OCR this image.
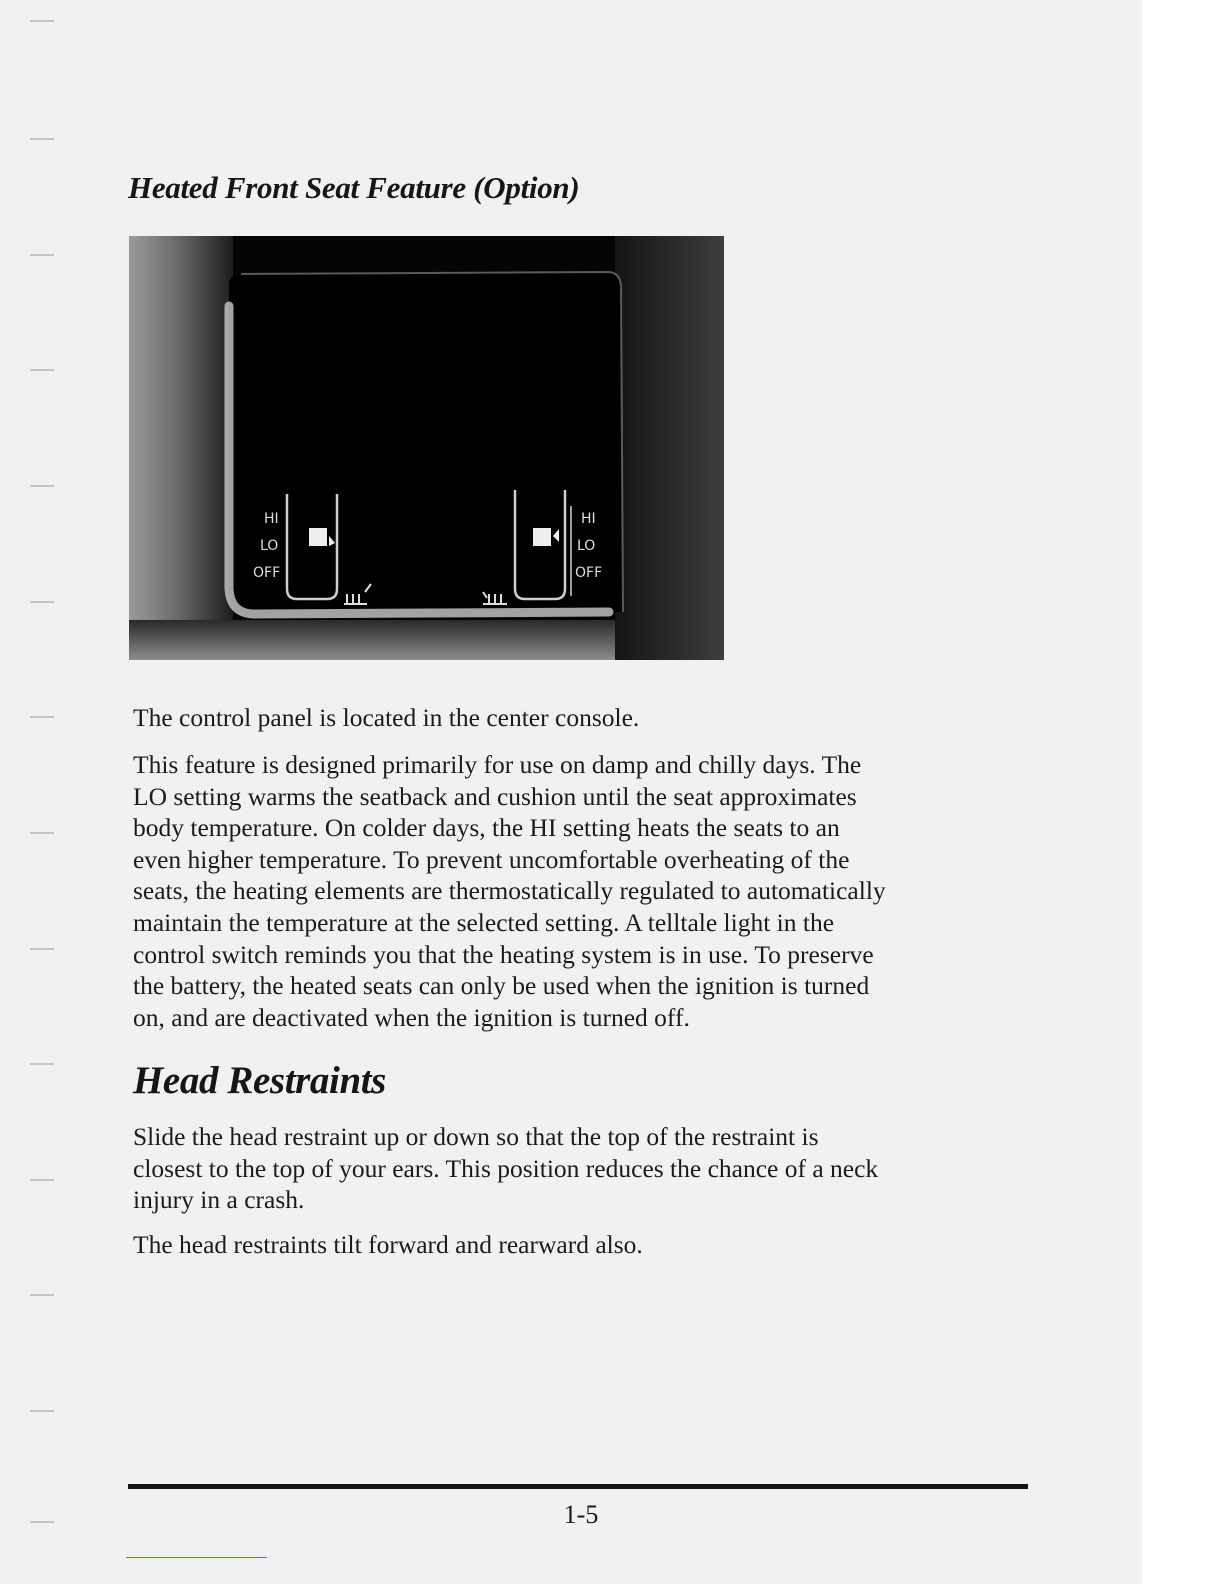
Heated Front Seat Feature (Option)
HI
LO
OFF
HI
LO
OFF

The control panel is located in the center console.

This feature is designed primarily for use on damp and chilly days. The
LO setting warms the seatback and cushion until the seat approximates
body temperature. On colder days, the HI setting heats the seats to an
even higher temperature. To prevent uncomfortable overheating of the
seats, the heating elements are thermostatically regulated to automatically
maintain the temperature at the selected setting. A telltale light in the
control switch reminds you that the heating system is in use. To preserve
the battery, the heated seats can only be used when the ignition is turned
on, and are deactivated when the ignition is turned off.

Head Restraints

Slide the head restraint up or down so that the top of the restraint is
closest to the top of your ears. This position reduces the chance of a neck
injury in a crash.

The head restraints tilt forward and rearward also.

1-5
